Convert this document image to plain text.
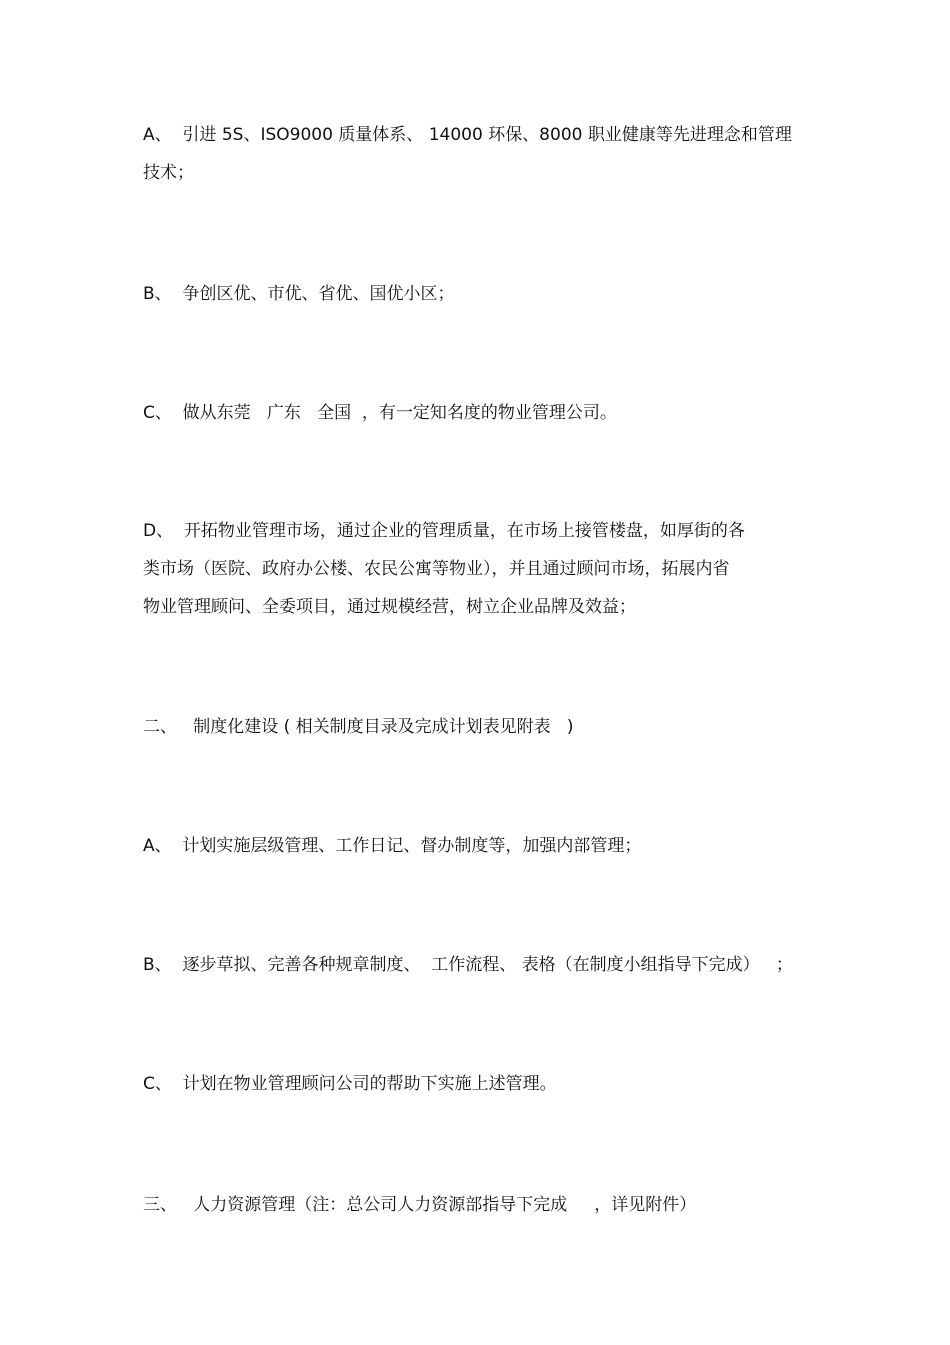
A、  引进 5S、ISO9000 质量体系、 14000 环保、8000 职业健康等先进理念和管理
技术；

B、  争创区优、市优、省优、国优小区；

C、  做从东莞   广东   全国  ，有一定知名度的物业管理公司。

D、  开拓物业管理市场，通过企业的管理质量，在市场上接管楼盘，如厚街的各
类市场（医院、政府办公楼、农民公寓等物业），并且通过顾问市场，拓展内省
物业管理顾问、全委项目，通过规模经营，树立企业品牌及效益；

二、   制度化建设 ( 相关制度目录及完成计划表见附表   )

A、  计划实施层级管理、工作日记、督办制度等，加强内部管理；

B、  逐步草拟、完善各种规章制度、  工作流程、 表格（在制度小组指导下完成）   ；

C、  计划在物业管理顾问公司的帮助下实施上述管理。

三、   人力资源管理（注：总公司人力资源部指导下完成     ，详见附件）
